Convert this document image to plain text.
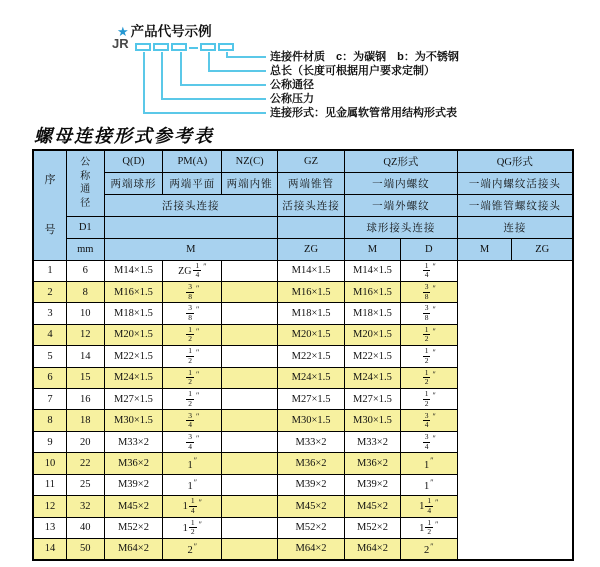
★ 产品代号示例
JR
连接件材质　c：为碳钢　b：为不锈钢
总长（长度可根据用户要求定制）
公称通径
公称压力
连接形式：见金属软管常用结构形式表
螺母连接形式参考表
序号	公称通径	Q(D)	PM(A)	NZ(C)	GZ	QZ形式		QG形式	
		两端球形	两端平面	两端内锥	两端锥管	一端内螺纹		一端内螺纹活接头	
		活接头连接			活接头连接	一端外螺纹		一端锥管螺纹接头	
	D1					球形接头连接		连接	
	mm	M			ZG	M	D	M	ZG
1	6	M14×1.5	ZG $\frac{1}{4} ''$		M14×1.5	M14×1.5	$\frac{1}{4} ''$
2	8	M16×1.5	$\frac{3}{8} ''$		M16×1.5	M16×1.5	$\frac{3}{8} ''$
3	10	M18×1.5	$\frac{3}{8} ''$		M18×1.5	M18×1.5	$\frac{3}{8} ''$
4	12	M20×1.5	$\frac{1}{2} ''$		M20×1.5	M20×1.5	$\frac{1}{2} ''$
5	14	M22×1.5	$\frac{1}{2} ''$		M22×1.5	M22×1.5	$\frac{1}{2} ''$
6	15	M24×1.5	$\frac{1}{2} ''$		M24×1.5	M24×1.5	$\frac{1}{2} ''$
7	16	M27×1.5	$\frac{1}{2} ''$		M27×1.5	M27×1.5	$\frac{1}{2} ''$
8	18	M30×1.5	$\frac{3}{4} ''$		M30×1.5	M30×1.5	$\frac{3}{4} ''$
9	20	M33×2	$\frac{3}{4} ''$		M33×2	M33×2	$\frac{3}{4} ''$
10	22	M36×2	1″		M36×2	M36×2	1″
11	25	M39×2	1″		M39×2	M39×2	1″
12	32	M45×2	$1 \frac{1}{4} ''$		M45×2	M45×2	$1 \frac{1}{4} ''$
13	40	M52×2	$1 \frac{1}{2} ''$		M52×2	M52×2	$1 \frac{1}{2} ''$
14	50	M64×2	2″		M64×2	M64×2	2″
